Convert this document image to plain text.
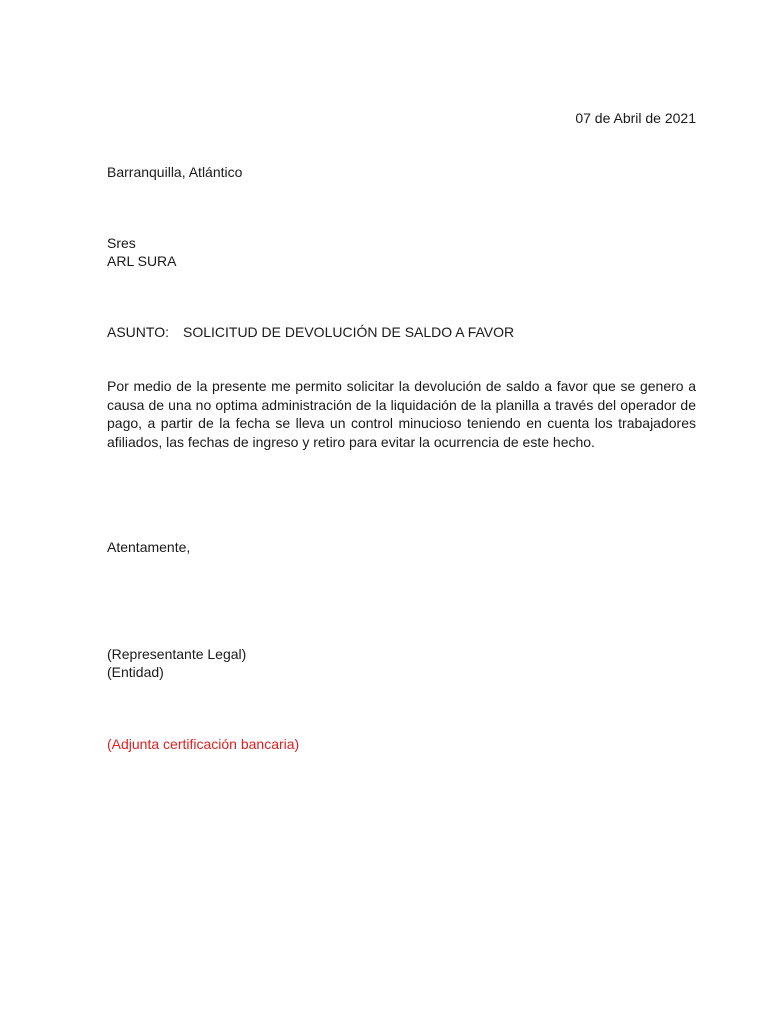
07 de Abril de 2021
Barranquilla, Atlántico
Sres
ARL SURA
ASUNTO: SOLICITUD DE DEVOLUCIÓN DE SALDO A FAVOR
Por medio de la presente me permito solicitar la devolución de saldo a favor que se genero a causa de una no optima administración de la liquidación de la planilla a través del operador de pago, a partir de la fecha se lleva un control minucioso teniendo en cuenta los trabajadores afiliados, las fechas de ingreso y retiro para evitar la ocurrencia de este hecho.
Atentamente,
(Representante Legal)
(Entidad)
(Adjunta certificación bancaria)
